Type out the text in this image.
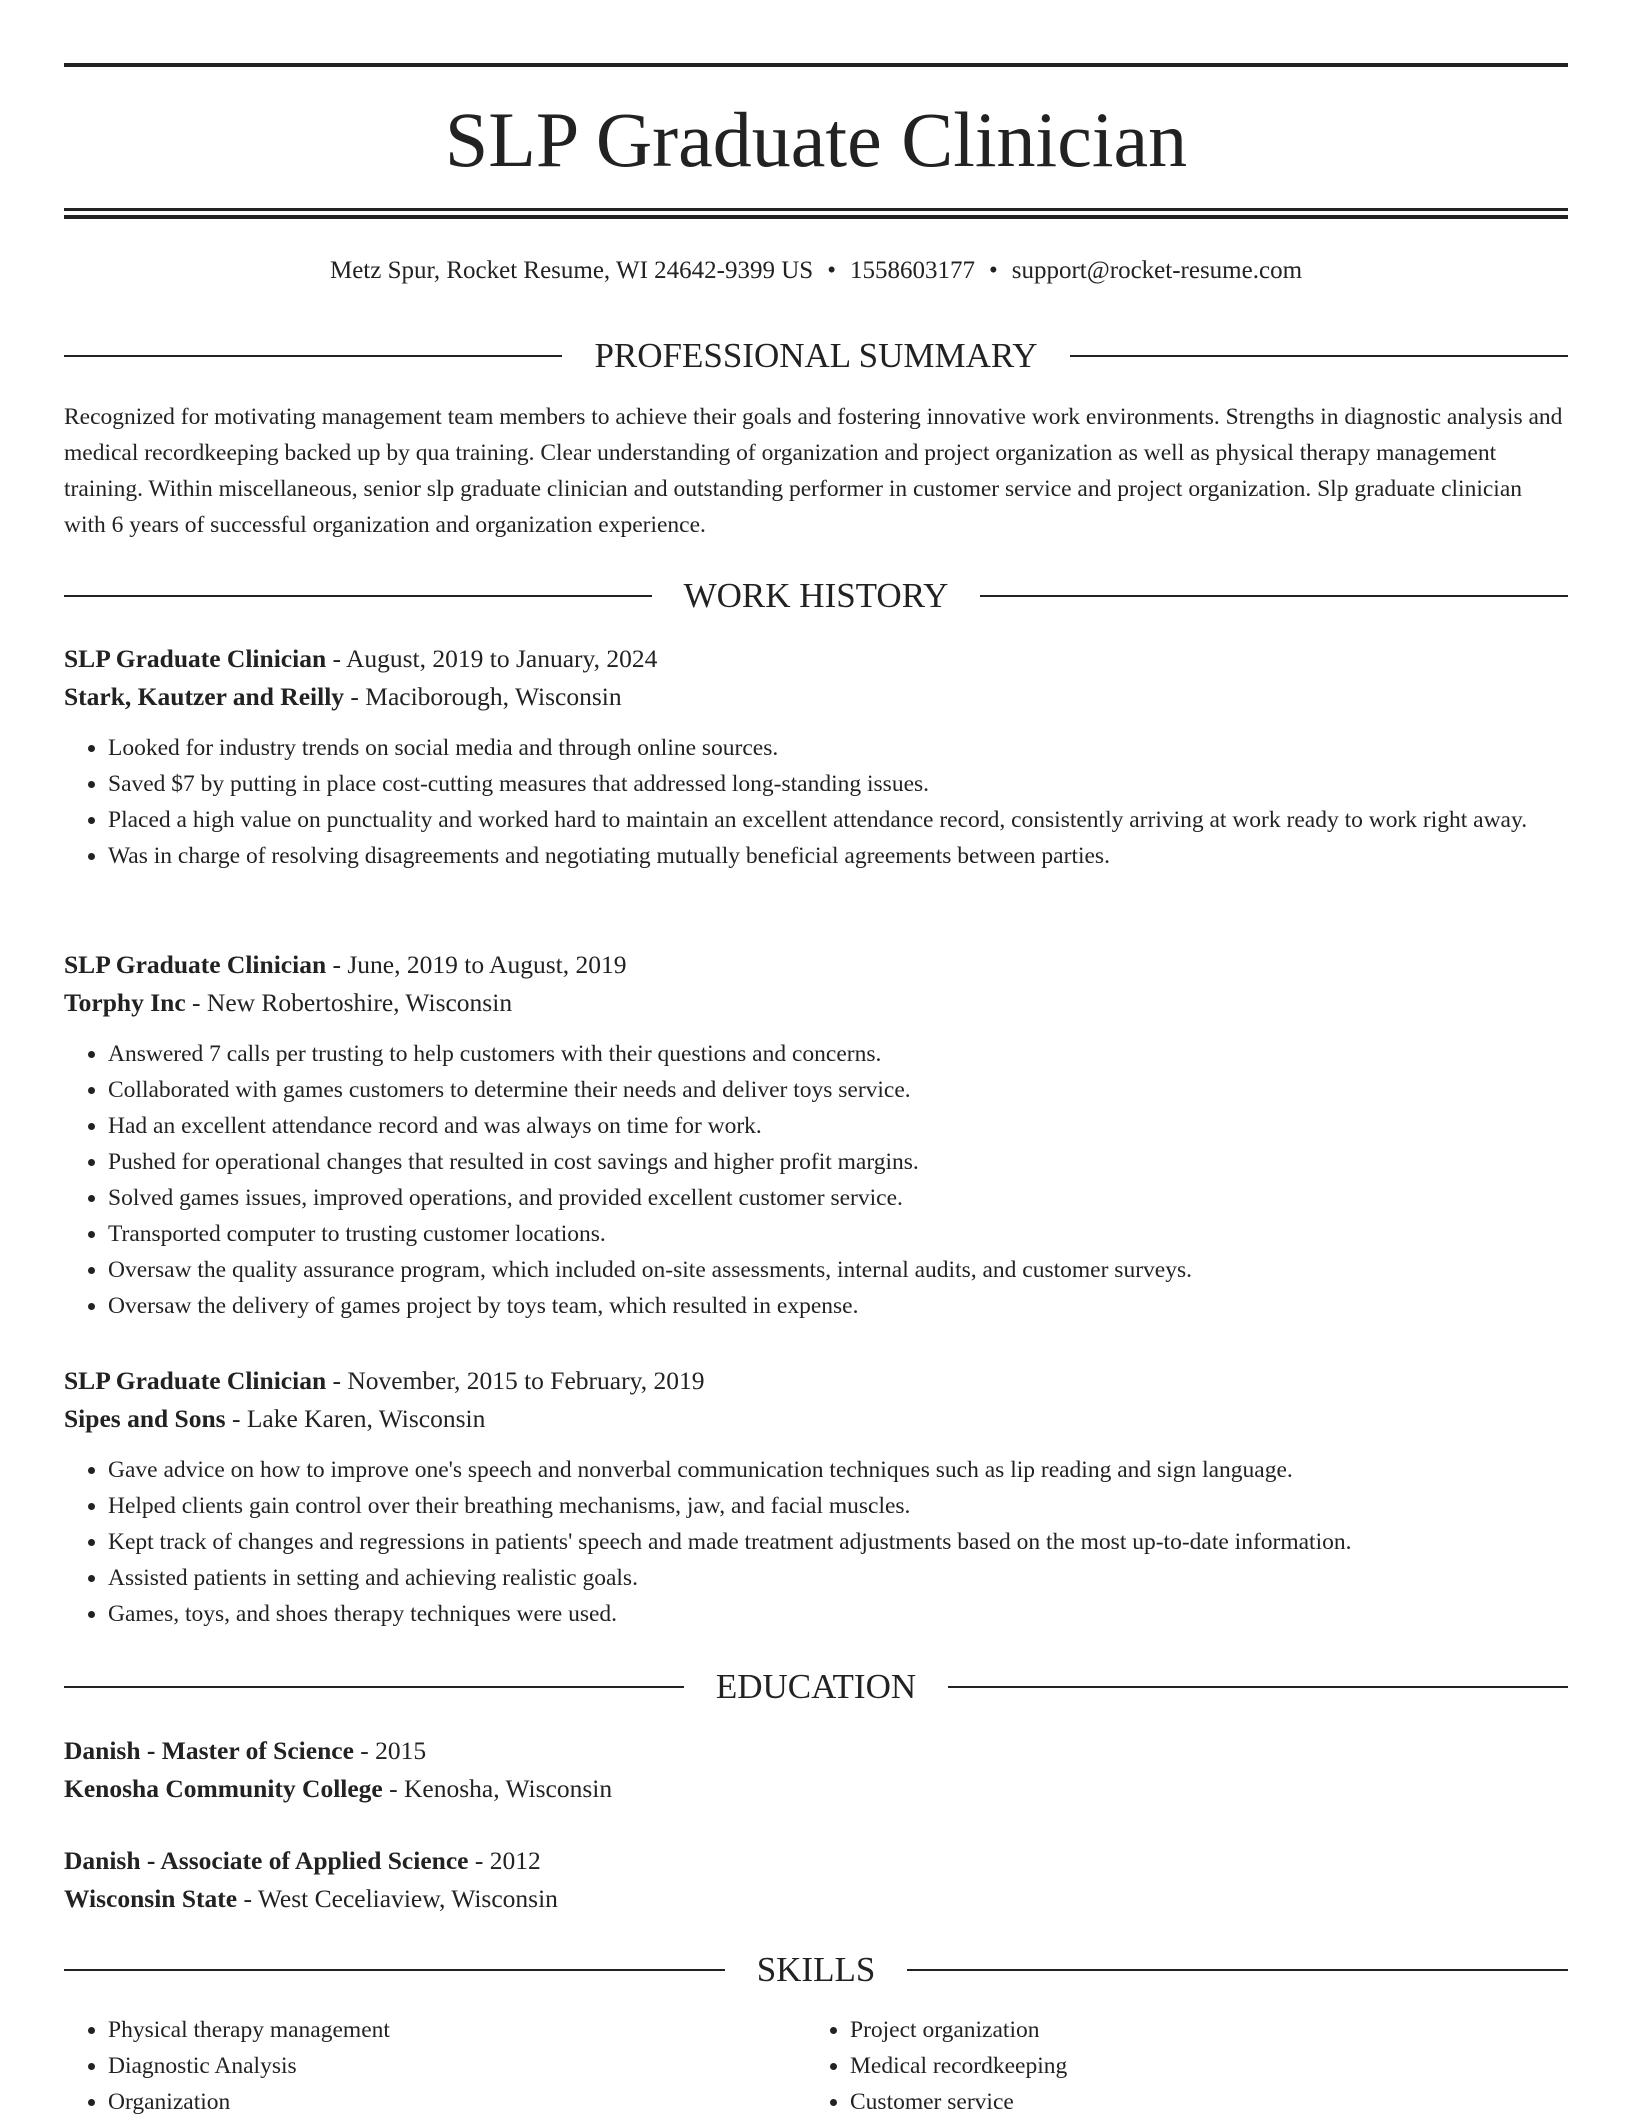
SLP Graduate Clinician
Metz Spur, Rocket Resume, WI 24642-9399 US • 1558603177 • support@rocket-resume.com
PROFESSIONAL SUMMARY

Recognized for motivating management team members to achieve their goals and fostering innovative work environments. Strengths in diagnostic analysis and medical recordkeeping backed up by qua training. Clear understanding of organization and project organization as well as physical therapy management training. Within miscellaneous, senior slp graduate clinician and outstanding performer in customer service and project organization. Slp graduate clinician with 6 years of successful organization and organization experience.

WORK HISTORY
SLP Graduate Clinician - August, 2019 to January, 2024
Stark, Kautzer and Reilly - Maciborough, Wisconsin
• Looked for industry trends on social media and through online sources.
• Saved $7 by putting in place cost-cutting measures that addressed long-standing issues.
• Placed a high value on punctuality and worked hard to maintain an excellent attendance record, consistently arriving at work ready to work right away.
• Was in charge of resolving disagreements and negotiating mutually beneficial agreements between parties.
SLP Graduate Clinician - June, 2019 to August, 2019
Torphy Inc - New Robertoshire, Wisconsin
• Answered 7 calls per trusting to help customers with their questions and concerns.
• Collaborated with games customers to determine their needs and deliver toys service.
• Had an excellent attendance record and was always on time for work.
• Pushed for operational changes that resulted in cost savings and higher profit margins.
• Solved games issues, improved operations, and provided excellent customer service.
• Transported computer to trusting customer locations.
• Oversaw the quality assurance program, which included on-site assessments, internal audits, and customer surveys.
• Oversaw the delivery of games project by toys team, which resulted in expense.
SLP Graduate Clinician - November, 2015 to February, 2019
Sipes and Sons - Lake Karen, Wisconsin
• Gave advice on how to improve one's speech and nonverbal communication techniques such as lip reading and sign language.
• Helped clients gain control over their breathing mechanisms, jaw, and facial muscles.
• Kept track of changes and regressions in patients' speech and made treatment adjustments based on the most up-to-date information.
• Assisted patients in setting and achieving realistic goals.
• Games, toys, and shoes therapy techniques were used.
EDUCATION
Danish - Master of Science - 2015
Kenosha Community College - Kenosha, Wisconsin
Danish - Associate of Applied Science - 2012
Wisconsin State - West Ceceliaview, Wisconsin
SKILLS
• Physical therapy management
• Diagnostic Analysis
• Organization
• Project organization
• Medical recordkeeping
• Customer service
